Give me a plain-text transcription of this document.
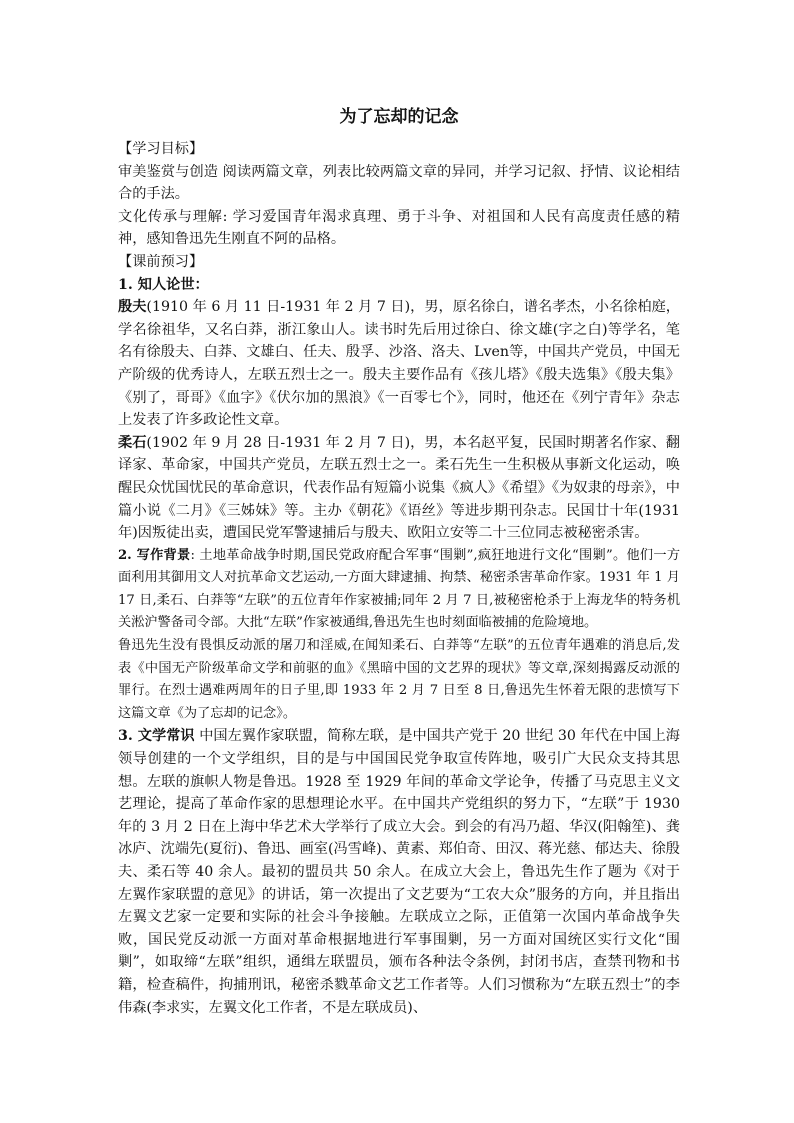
为了忘却的记念

【学习目标】

审美鉴赏与创造 阅读两篇文章，列表比较两篇文章的异同，并学习记叙、抒情、议论相结合的手法。

文化传承与理解: 学习爱国青年渴求真理、勇于斗争、对祖国和人民有高度责任感的精神，感知鲁迅先生刚直不阿的品格。

【课前预习】

1. 知人论世：

殷夫(1910 年 6 月 11 日-1931 年 2 月 7 日)，男，原名徐白，谱名孝杰，小名徐柏庭，学名徐祖华，又名白莽，浙江象山人。读书时先后用过徐白、徐文雄(字之白)等学名，笔名有徐殷夫、白莽、文雄白、任夫、殷孚、沙洛、洛夫、Lven等，中国共产党员，中国无产阶级的优秀诗人，左联五烈士之一。殷夫主要作品有《孩儿塔》《殷夫选集》《殷夫集》《别了，哥哥》《血字》《伏尔加的黑浪》《一百零七个》，同时，他还在《列宁青年》杂志上发表了许多政论性文章。

柔石(1902 年 9 月 28 日-1931 年 2 月 7 日)，男，本名赵平复，民国时期著名作家、翻译家、革命家，中国共产党员，左联五烈士之一。柔石先生一生积极从事新文化运动，唤醒民众忧国忧民的革命意识，代表作品有短篇小说集《疯人》《希望》《为奴隶的母亲》，中篇小说《二月》《三姊妹》等。主办《朝花》《语丝》等进步期刊杂志。民国廿十年(1931 年)因叛徒出卖，遭国民党军警逮捕后与殷夫、欧阳立安等二十三位同志被秘密杀害。

2. 写作背景: 土地革命战争时期,国民党政府配合军事“围剿”,疯狂地进行文化“围剿”。他们一方面利用其御用文人对抗革命文艺运动,一方面大肆逮捕、拘禁、秘密杀害革命作家。1931 年 1 月 17 日,柔石、白莽等“左联”的五位青年作家被捕;同年 2 月 7 日,被秘密枪杀于上海龙华的特务机关淞沪警备司令部。大批“左联”作家被通缉,鲁迅先生也时刻面临被捕的危险境地。

鲁迅先生没有畏惧反动派的屠刀和淫威,在闻知柔石、白莽等“左联”的五位青年遇难的消息后,发表《中国无产阶级革命文学和前驱的血》《黑暗中国的文艺界的现状》等文章,深刻揭露反动派的罪行。在烈士遇难两周年的日子里,即 1933 年 2 月 7 日至 8 日,鲁迅先生怀着无限的悲愤写下这篇文章《为了忘却的记念》。

3. 文学常识 中国左翼作家联盟，简称左联，是中国共产党于 20 世纪 30 年代在中国上海领导创建的一个文学组织，目的是与中国国民党争取宣传阵地，吸引广大民众支持其思想。左联的旗帜人物是鲁迅。1928 至 1929 年间的革命文学论争，传播了马克思主义文艺理论，提高了革命作家的思想理论水平。在中国共产党组织的努力下，“左联”于 1930 年的 3 月 2 日在上海中华艺术大学举行了成立大会。到会的有冯乃超、华汉(阳翰笙)、龚冰庐、沈端先(夏衍)、鲁迅、画室(冯雪峰)、黄素、郑伯奇、田汉、蒋光慈、郁达夫、徐殷夫、柔石等 40 余人。最初的盟员共 50 余人。在成立大会上，鲁迅先生作了题为《对于左翼作家联盟的意见》的讲话，第一次提出了文艺要为“工农大众”服务的方向，并且指出左翼文艺家一定要和实际的社会斗争接触。左联成立之际，正值第一次国内革命战争失败，国民党反动派一方面对革命根据地进行军事围剿，另一方面对国统区实行文化“围剿”，如取缔“左联”组织，通缉左联盟员，颁布各种法令条例，封闭书店，查禁刊物和书籍，检查稿件，拘捕刑讯，秘密杀戮革命文艺工作者等。人们习惯称为“左联五烈士”的李伟森(李求实，左翼文化工作者，不是左联成员)、
